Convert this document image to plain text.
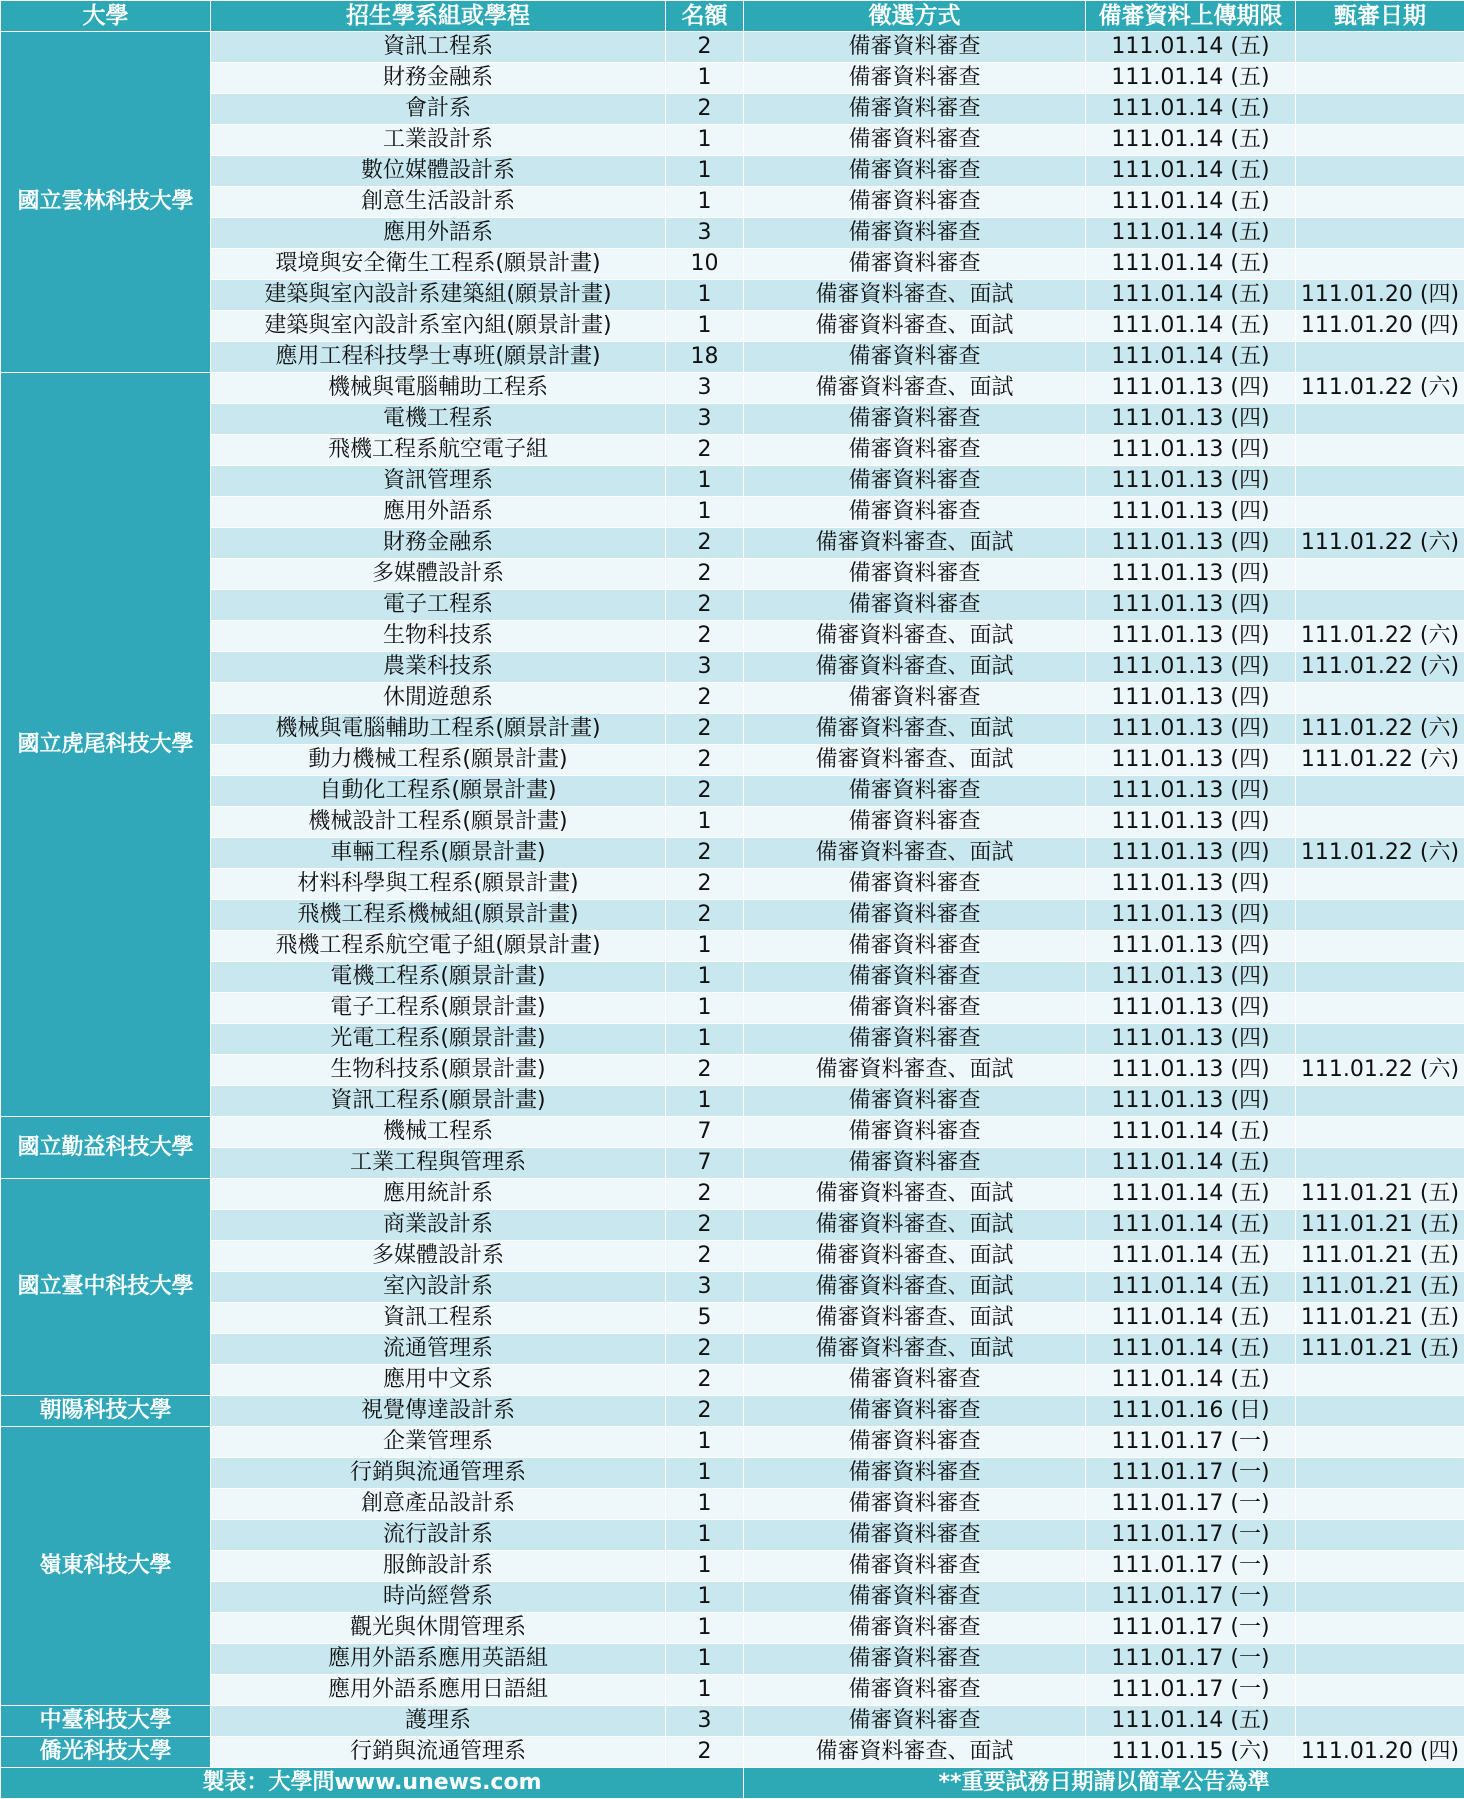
大學	招生學系組或學程	名額	徵選方式	備審資料上傳期限	甄審日期
國立雲林科技大學	資訊工程系	2	備審資料審查	111.01.14 (五)	
	財務金融系	1	備審資料審查	111.01.14 (五)	
	會計系	2	備審資料審查	111.01.14 (五)	
	工業設計系	1	備審資料審查	111.01.14 (五)	
	數位媒體設計系	1	備審資料審查	111.01.14 (五)	
	創意生活設計系	1	備審資料審查	111.01.14 (五)	
	應用外語系	3	備審資料審查	111.01.14 (五)	
	環境與安全衛生工程系(願景計畫)	10	備審資料審查	111.01.14 (五)	
	建築與室內設計系建築組(願景計畫)	1	備審資料審查、面試	111.01.14 (五)	111.01.20 (四)
	建築與室內設計系室內組(願景計畫)	1	備審資料審查、面試	111.01.14 (五)	111.01.20 (四)
	應用工程科技學士專班(願景計畫)	18	備審資料審查	111.01.14 (五)	
國立虎尾科技大學	機械與電腦輔助工程系	3	備審資料審查、面試	111.01.13 (四)	111.01.22 (六)
	電機工程系	3	備審資料審查	111.01.13 (四)	
	飛機工程系航空電子組	2	備審資料審查	111.01.13 (四)	
	資訊管理系	1	備審資料審查	111.01.13 (四)	
	應用外語系	1	備審資料審查	111.01.13 (四)	
	財務金融系	2	備審資料審查、面試	111.01.13 (四)	111.01.22 (六)
	多媒體設計系	2	備審資料審查	111.01.13 (四)	
	電子工程系	2	備審資料審查	111.01.13 (四)	
	生物科技系	2	備審資料審查、面試	111.01.13 (四)	111.01.22 (六)
	農業科技系	3	備審資料審查、面試	111.01.13 (四)	111.01.22 (六)
	休閒遊憩系	2	備審資料審查	111.01.13 (四)	
	機械與電腦輔助工程系(願景計畫)	2	備審資料審查、面試	111.01.13 (四)	111.01.22 (六)
	動力機械工程系(願景計畫)	2	備審資料審查、面試	111.01.13 (四)	111.01.22 (六)
	自動化工程系(願景計畫)	2	備審資料審查	111.01.13 (四)	
	機械設計工程系(願景計畫)	1	備審資料審查	111.01.13 (四)	
	車輛工程系(願景計畫)	2	備審資料審查、面試	111.01.13 (四)	111.01.22 (六)
	材料科學與工程系(願景計畫)	2	備審資料審查	111.01.13 (四)	
	飛機工程系機械組(願景計畫)	2	備審資料審查	111.01.13 (四)	
	飛機工程系航空電子組(願景計畫)	1	備審資料審查	111.01.13 (四)	
	電機工程系(願景計畫)	1	備審資料審查	111.01.13 (四)	
	電子工程系(願景計畫)	1	備審資料審查	111.01.13 (四)	
	光電工程系(願景計畫)	1	備審資料審查	111.01.13 (四)	
	生物科技系(願景計畫)	2	備審資料審查、面試	111.01.13 (四)	111.01.22 (六)
	資訊工程系(願景計畫)	1	備審資料審查	111.01.13 (四)	
國立勤益科技大學	機械工程系	7	備審資料審查	111.01.14 (五)	
	工業工程與管理系	7	備審資料審查	111.01.14 (五)	
國立臺中科技大學	應用統計系	2	備審資料審查、面試	111.01.14 (五)	111.01.21 (五)
	商業設計系	2	備審資料審查、面試	111.01.14 (五)	111.01.21 (五)
	多媒體設計系	2	備審資料審查、面試	111.01.14 (五)	111.01.21 (五)
	室內設計系	3	備審資料審查、面試	111.01.14 (五)	111.01.21 (五)
	資訊工程系	5	備審資料審查、面試	111.01.14 (五)	111.01.21 (五)
	流通管理系	2	備審資料審查、面試	111.01.14 (五)	111.01.21 (五)
	應用中文系	2	備審資料審查	111.01.14 (五)	
朝陽科技大學	視覺傳達設計系	2	備審資料審查	111.01.16 (日)	
嶺東科技大學	企業管理系	1	備審資料審查	111.01.17 (一)	
	行銷與流通管理系	1	備審資料審查	111.01.17 (一)	
	創意產品設計系	1	備審資料審查	111.01.17 (一)	
	流行設計系	1	備審資料審查	111.01.17 (一)	
	服飾設計系	1	備審資料審查	111.01.17 (一)	
	時尚經營系	1	備審資料審查	111.01.17 (一)	
	觀光與休閒管理系	1	備審資料審查	111.01.17 (一)	
	應用外語系應用英語組	1	備審資料審查	111.01.17 (一)	
	應用外語系應用日語組	1	備審資料審查	111.01.17 (一)	
中臺科技大學	護理系	3	備審資料審查	111.01.14 (五)	
僑光科技大學	行銷與流通管理系	2	備審資料審查、面試	111.01.15 (六)	111.01.20 (四)
製表：大學問www.unews.com			**重要試務日期請以簡章公告為準		
